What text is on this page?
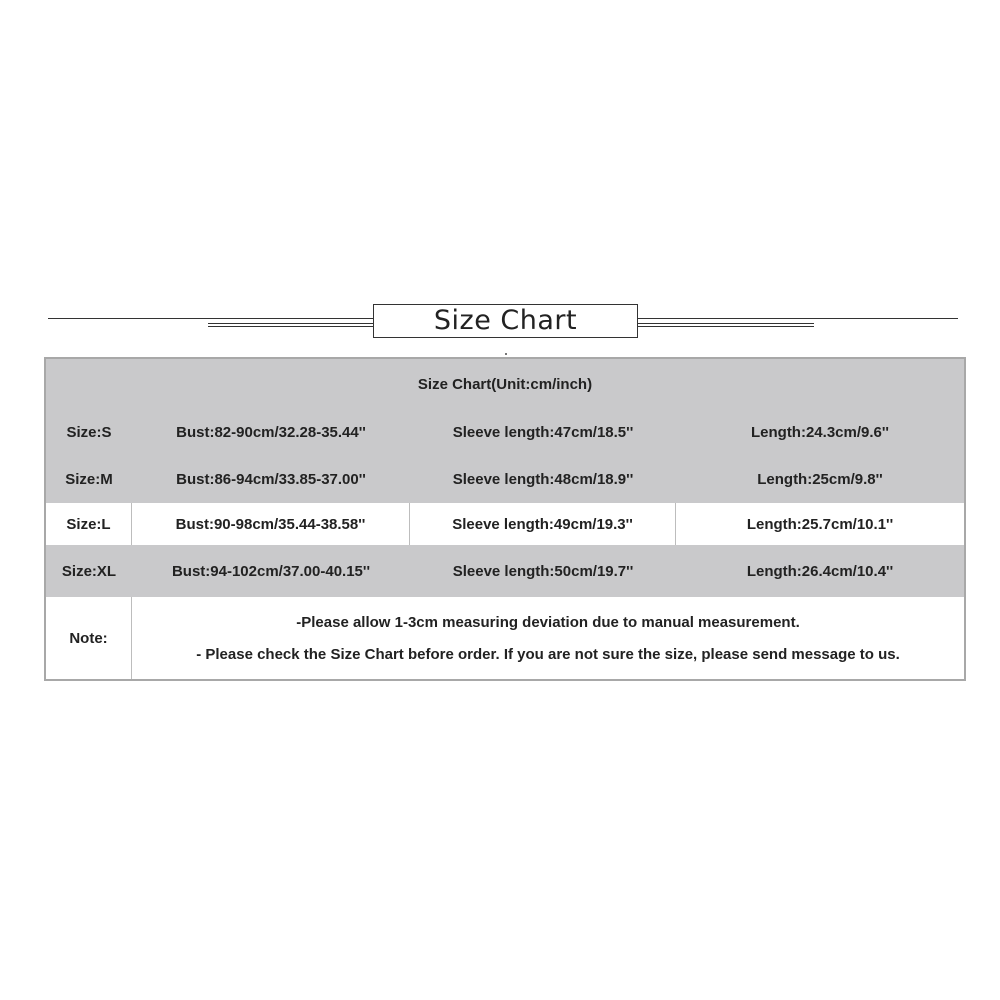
Size Chart
Size Chart(Unit:cm/inch)
Size:S	Bust:82-90cm/32.28-35.44''	Sleeve length:47cm/18.5''	Length:24.3cm/9.6''
Size:M	Bust:86-94cm/33.85-37.00''	Sleeve length:48cm/18.9''	Length:25cm/9.8''
Size:L	Bust:90-98cm/35.44-38.58''	Sleeve length:49cm/19.3''	Length:25.7cm/10.1''
Size:XL	Bust:94-102cm/37.00-40.15''	Sleeve length:50cm/19.7''	Length:26.4cm/10.4''
Note:
-Please allow 1-3cm measuring deviation due to manual measurement.
- Please check the Size Chart before order. If you are not sure the size, please send message to us.
